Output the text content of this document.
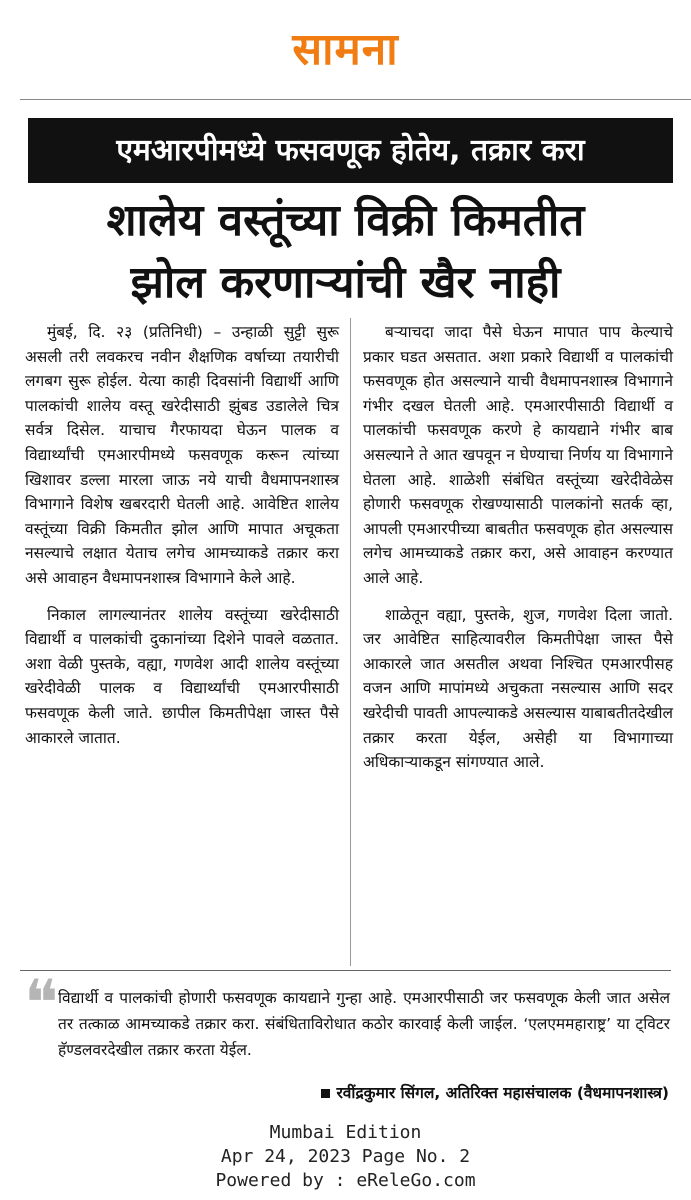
सामना
एमआरपीमध्ये फसवणूक होतेय, तक्रार करा
शालेय वस्तूंच्या विक्री किमतीत
झोल करणाऱ्यांची खैर नाही

मुंबई, दि. २३ (प्रतिनिधी) – उन्हाळी सुट्टी सुरू असली तरी लवकरच नवीन शैक्षणिक वर्षाच्या तयारीची लगबग सुरू होईल. येत्या काही दिवसांनी विद्यार्थी आणि पालकांची शालेय वस्तू खरेदीसाठी झुंबड उडालेले चित्र सर्वत्र दिसेल. याचाच गैरफायदा घेऊन पालक व विद्यार्थ्यांची एमआरपीमध्ये फसवणूक करून त्यांच्या खिशावर डल्ला मारला जाऊ नये याची वैधमापनशास्त्र विभागाने विशेष खबरदारी घेतली आहे. आवेष्टित शालेय वस्तूंच्या विक्री किमतीत झोल आणि मापात अचूकता नसल्याचे लक्षात येताच लगेच आमच्याकडे तक्रार करा असे आवाहन वैधमापनशास्त्र विभागाने केले आहे.

निकाल लागल्यानंतर शालेय वस्तूंच्या खरेदीसाठी विद्यार्थी व पालकांची दुकानांच्या दिशेने पावले वळतात. अशा वेळी पुस्तके, वह्या, गणवेश आदी शालेय वस्तूंच्या खरेदीवेळी पालक व विद्यार्थ्यांची एमआरपीसाठी फसवणूक केली जाते. छापील किमतीपेक्षा जास्त पैसे आकारले जातात.

बऱ्याचदा जादा पैसे घेऊन मापात पाप केल्याचे प्रकार घडत असतात. अशा प्रकारे विद्यार्थी व पालकांची फसवणूक होत असल्याने याची वैधमापनशास्त्र विभागाने गंभीर दखल घेतली आहे. एमआरपीसाठी विद्यार्थी व पालकांची फसवणूक करणे हे कायद्याने गंभीर बाब असल्याने ते आत खपवून न घेण्याचा निर्णय या विभागाने घेतला आहे. शाळेशी संबंधित वस्तूंच्या खरेदीवेळेस होणारी फसवणूक रोखण्यासाठी पालकांनो सतर्क व्हा, आपली एमआरपीच्या बाबतीत फसवणूक होत असल्यास लगेच आमच्याकडे तक्रार करा, असे आवाहन करण्यात आले आहे.

शाळेतून वह्या, पुस्तके, शुज, गणवेश दिला जातो. जर आवेष्टित साहित्यावरील किमतीपेक्षा जास्त पैसे आकारले जात असतील अथवा निश्चित एमआरपीसह वजन आणि मापांमध्ये अचुकता नसल्यास आणि सदर खरेदीची पावती आपल्याकडे असल्यास याबाबतीतदेखील तक्रार करता येईल, असेही या विभागाच्या अधिकाऱ्याकडून सांगण्यात आले.

❝ विद्यार्थी व पालकांची होणारी फसवणूक कायद्याने गुन्हा आहे. एमआरपीसाठी जर फसवणूक केली जात असेल तर तत्काळ आमच्याकडे तक्रार करा. संबंधिताविरोधात कठोर कारवाई केली जाईल. ‘एलएममहाराष्ट्र’ या ट्विटर हॅण्डलवरदेखील तक्रार करता येईल.
रवींद्रकुमार सिंगल, अतिरिक्त महासंचालक (वैधमापनशास्त्र)
Mumbai Edition
Apr 24, 2023 Page No. 2
Powered by : eReleGo.com
